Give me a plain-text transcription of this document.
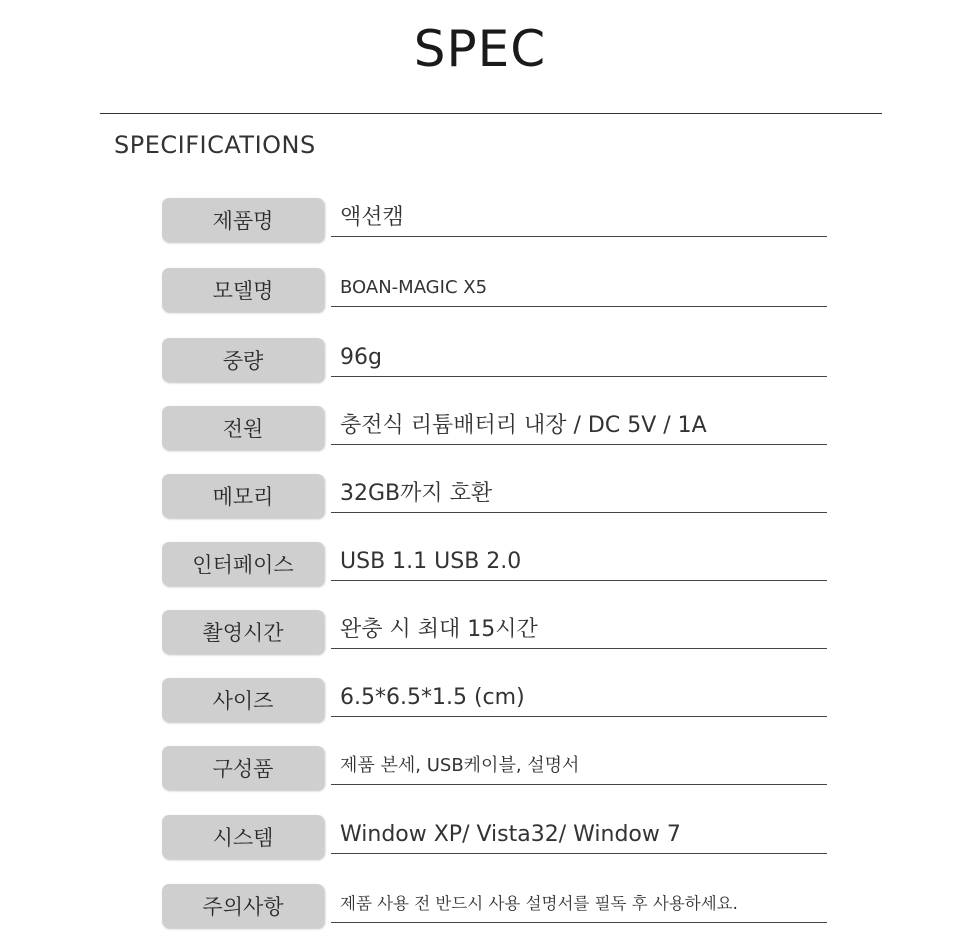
SPEC
SPECIFICATIONS
제품명	액션캠
모델명	BOAN-MAGIC X5
중량	96g
전원	충전식 리튬배터리 내장 / DC 5V / 1A
메모리	32GB까지 호환
인터페이스	USB 1.1 USB 2.0
촬영시간	완충 시 최대 15시간
사이즈	6.5*6.5*1.5 (cm)
구성품	제품 본세, USB케이블, 설명서
시스템	Window XP/ Vista32/ Window 7
주의사항	제품 사용 전 반드시 사용 설명서를 필독 후 사용하세요.
